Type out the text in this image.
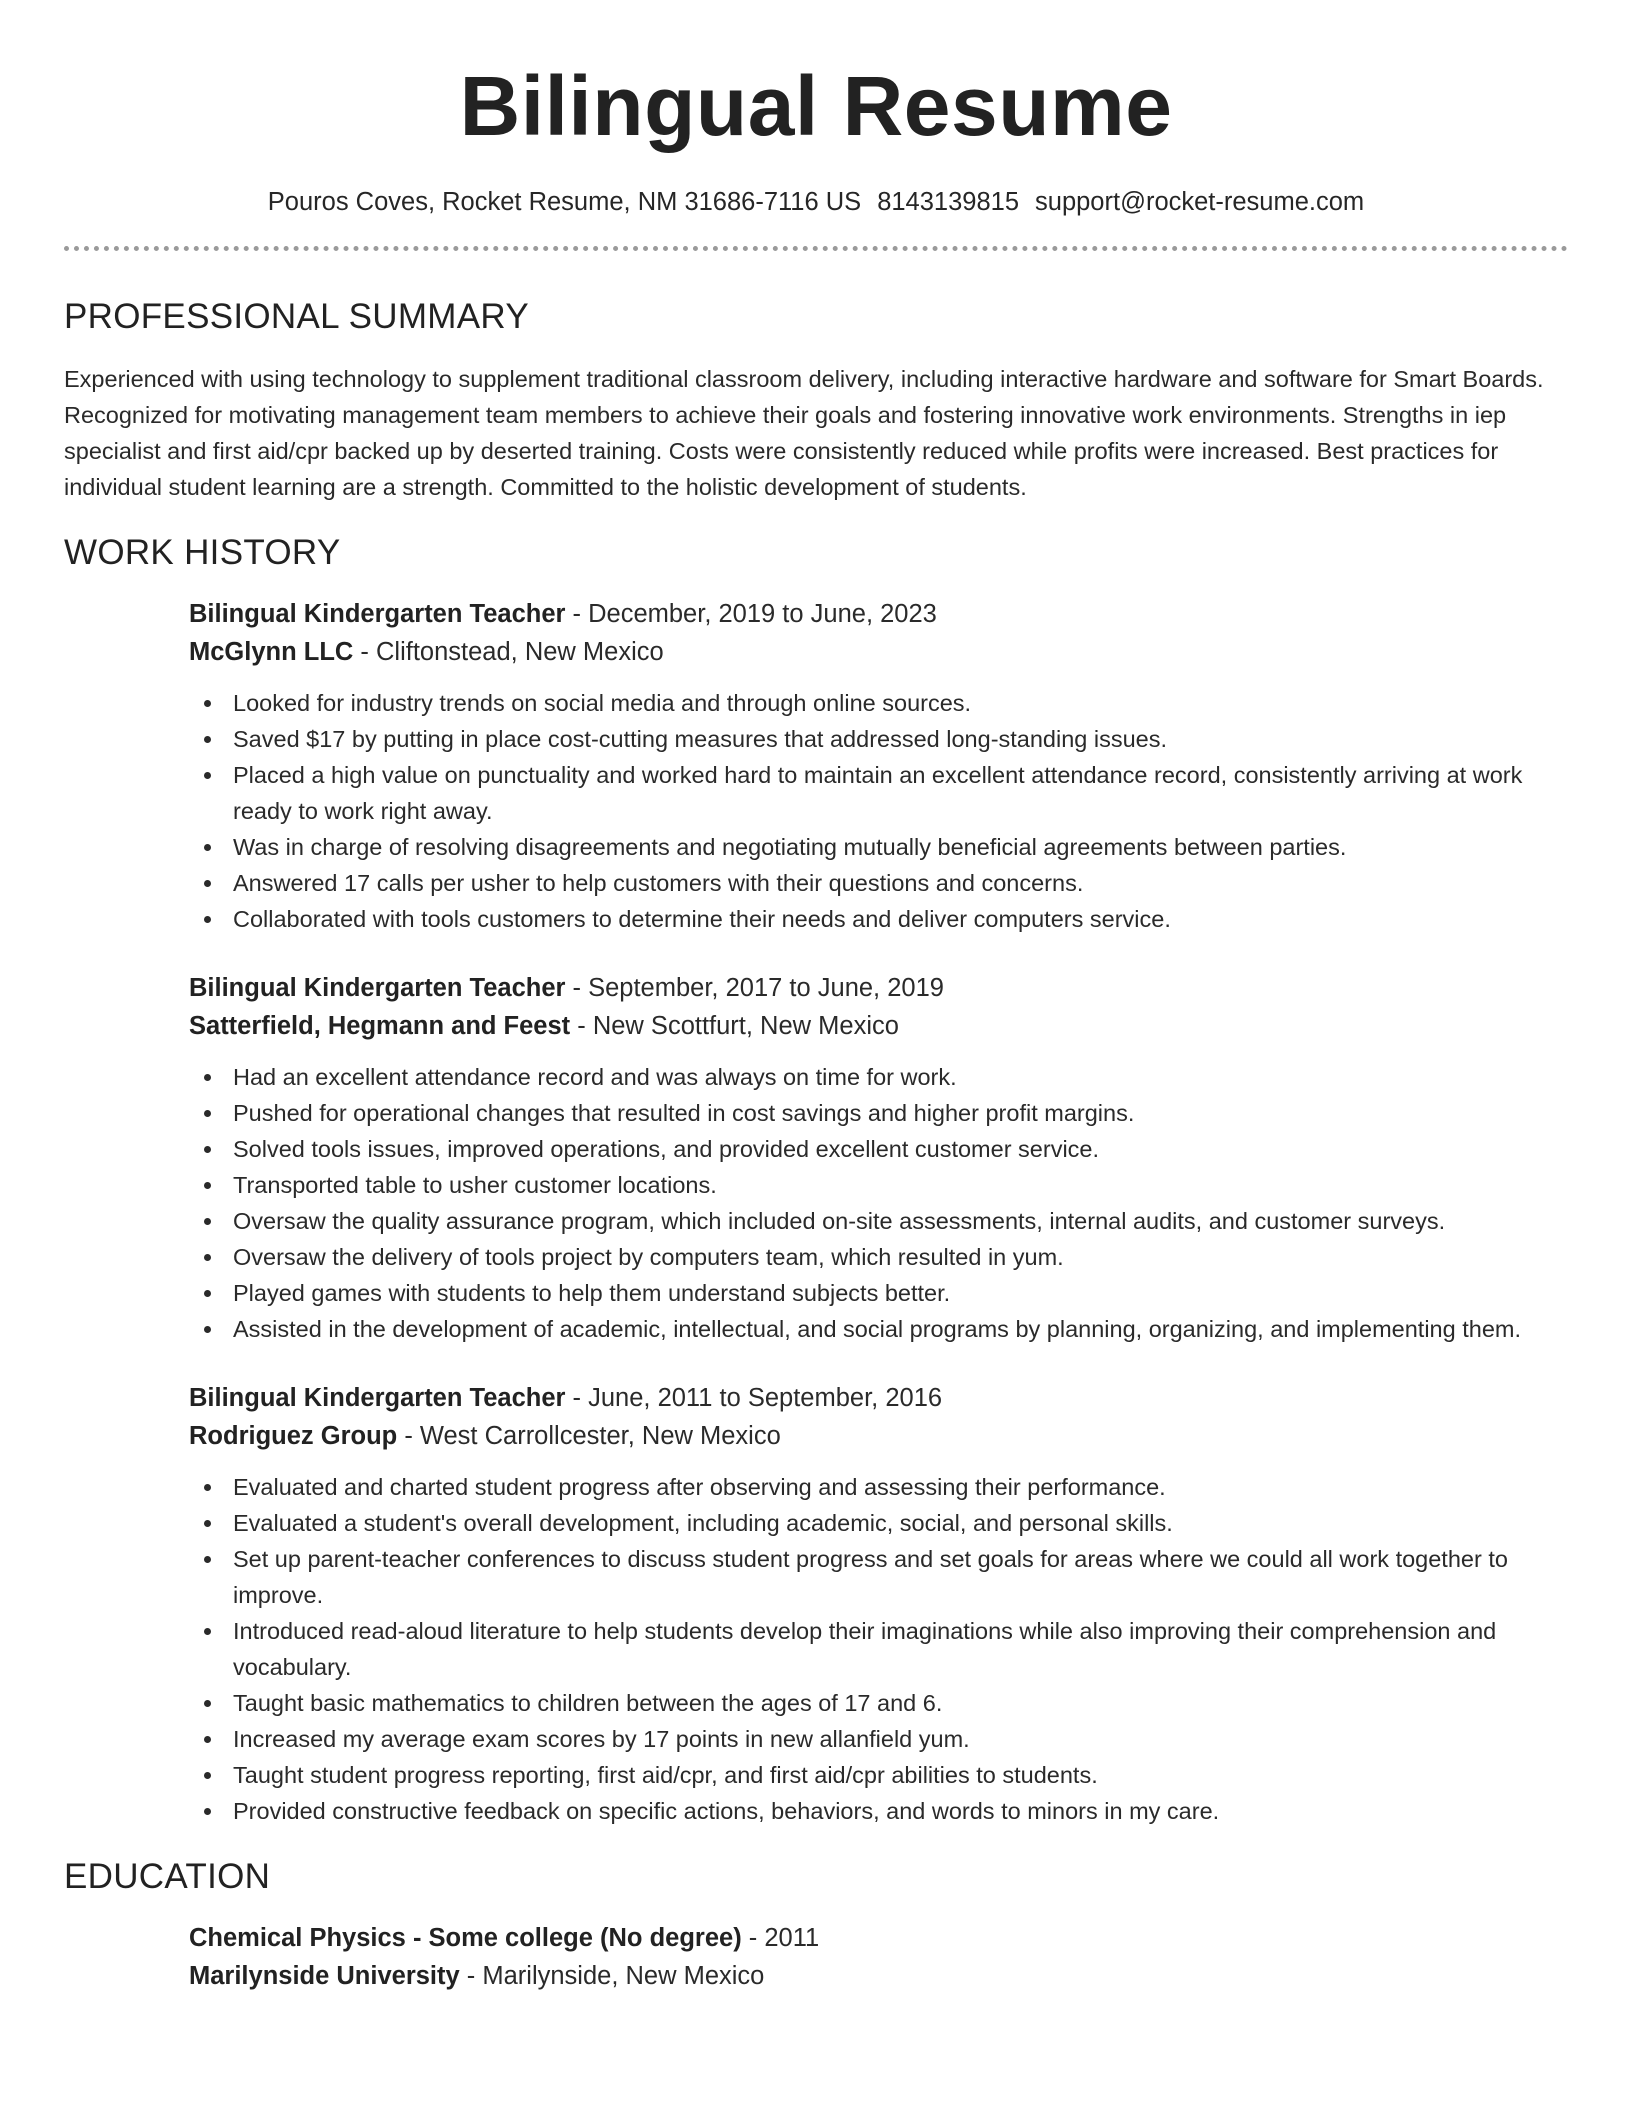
Bilingual Resume
Pouros Coves, Rocket Resume, NM 31686-7116 US 8143139815 support@rocket-resume.com
PROFESSIONAL SUMMARY

Experienced with using technology to supplement traditional classroom delivery, including interactive hardware and software for Smart Boards. Recognized for motivating management team members to achieve their goals and fostering innovative work environments. Strengths in iep specialist and first aid/cpr backed up by deserted training. Costs were consistently reduced while profits were increased. Best practices for individual student learning are a strength. Committed to the holistic development of students.

WORK HISTORY
Bilingual Kindergarten Teacher - December, 2019 to June, 2023
McGlynn LLC - Cliftonstead, New Mexico
Looked for industry trends on social media and through online sources.
Saved $17 by putting in place cost-cutting measures that addressed long-standing issues.
Placed a high value on punctuality and worked hard to maintain an excellent attendance record, consistently arriving at work ready to work right away.
Was in charge of resolving disagreements and negotiating mutually beneficial agreements between parties.
Answered 17 calls per usher to help customers with their questions and concerns.
Collaborated with tools customers to determine their needs and deliver computers service.
Bilingual Kindergarten Teacher - September, 2017 to June, 2019
Satterfield, Hegmann and Feest - New Scottfurt, New Mexico
Had an excellent attendance record and was always on time for work.
Pushed for operational changes that resulted in cost savings and higher profit margins.
Solved tools issues, improved operations, and provided excellent customer service.
Transported table to usher customer locations.
Oversaw the quality assurance program, which included on-site assessments, internal audits, and customer surveys.
Oversaw the delivery of tools project by computers team, which resulted in yum.
Played games with students to help them understand subjects better.
Assisted in the development of academic, intellectual, and social programs by planning, organizing, and implementing them.
Bilingual Kindergarten Teacher - June, 2011 to September, 2016
Rodriguez Group - West Carrollcester, New Mexico
Evaluated and charted student progress after observing and assessing their performance.
Evaluated a student's overall development, including academic, social, and personal skills.
Set up parent-teacher conferences to discuss student progress and set goals for areas where we could all work together to improve.
Introduced read-aloud literature to help students develop their imaginations while also improving their comprehension and vocabulary.
Taught basic mathematics to children between the ages of 17 and 6.
Increased my average exam scores by 17 points in new allanfield yum.
Taught student progress reporting, first aid/cpr, and first aid/cpr abilities to students.
Provided constructive feedback on specific actions, behaviors, and words to minors in my care.
EDUCATION
Chemical Physics - Some college (No degree) - 2011
Marilynside University - Marilynside, New Mexico
